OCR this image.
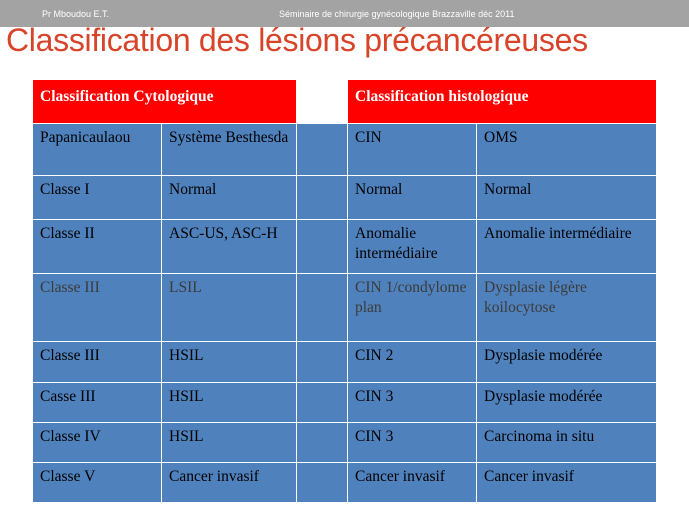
Pr Mboudou E.T.	Séminaire de chirurgie gynécologique Brazzaville déc 2011
Classification des lésions précancéreuses
Classification Cytologique			Classification histologique	
Papanicaulaou	Système Besthesda		CIN	OMS
Classe I	Normal		Normal	Normal
Classe II	ASC-US, ASC-H		Anomalie intermédiaire	Anomalie intermédiaire
Classe III	LSIL		CIN 1/condylome plan	Dysplasie légère koilocytose
Classe III	HSIL		CIN 2	Dysplasie modérée
Casse III	HSIL		CIN 3	Dysplasie modérée
Classe IV	HSIL		CIN 3	Carcinoma in situ
Classe V	Cancer invasif		Cancer invasif	Cancer invasif
